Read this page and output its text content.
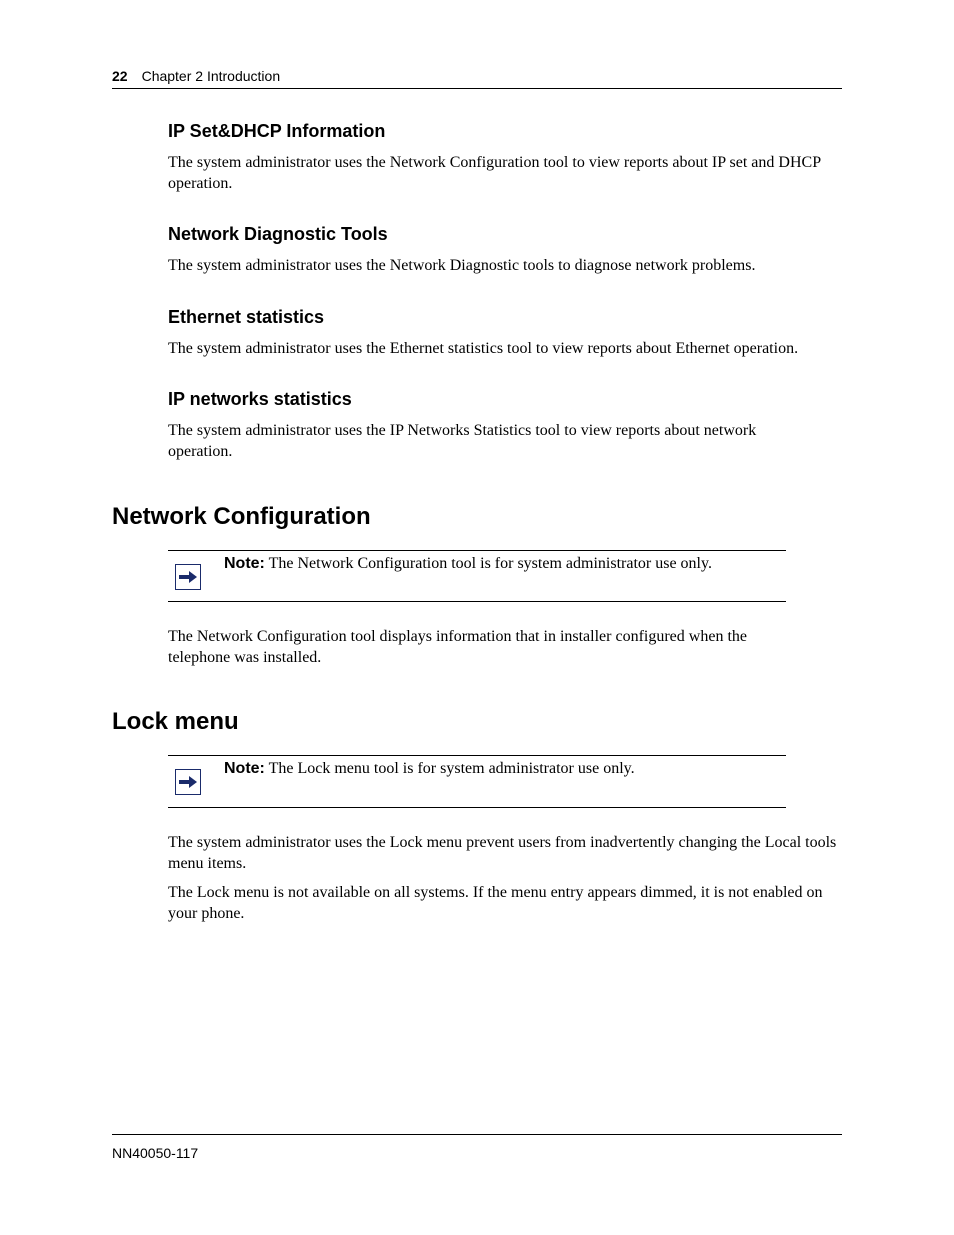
22 Chapter 2 Introduction
IP Set&DHCP Information

The system administrator uses the Network Configuration tool to view reports about IP set and DHCP operation.

Network Diagnostic Tools

The system administrator uses the Network Diagnostic tools to diagnose network problems.

Ethernet statistics

The system administrator uses the Ethernet statistics tool to view reports about Ethernet operation.

IP networks statistics

The system administrator uses the IP Networks Statistics tool to view reports about network operation.

Network Configuration
Note: The Network Configuration tool is for system administrator use only.

The Network Configuration tool displays information that in installer configured when the telephone was installed.

Lock menu
Note: The Lock menu tool is for system administrator use only.

The system administrator uses the Lock menu prevent users from inadvertently changing the Local tools menu items.

The Lock menu is not available on all systems. If the menu entry appears dimmed, it is not enabled on your phone.

NN40050-117
